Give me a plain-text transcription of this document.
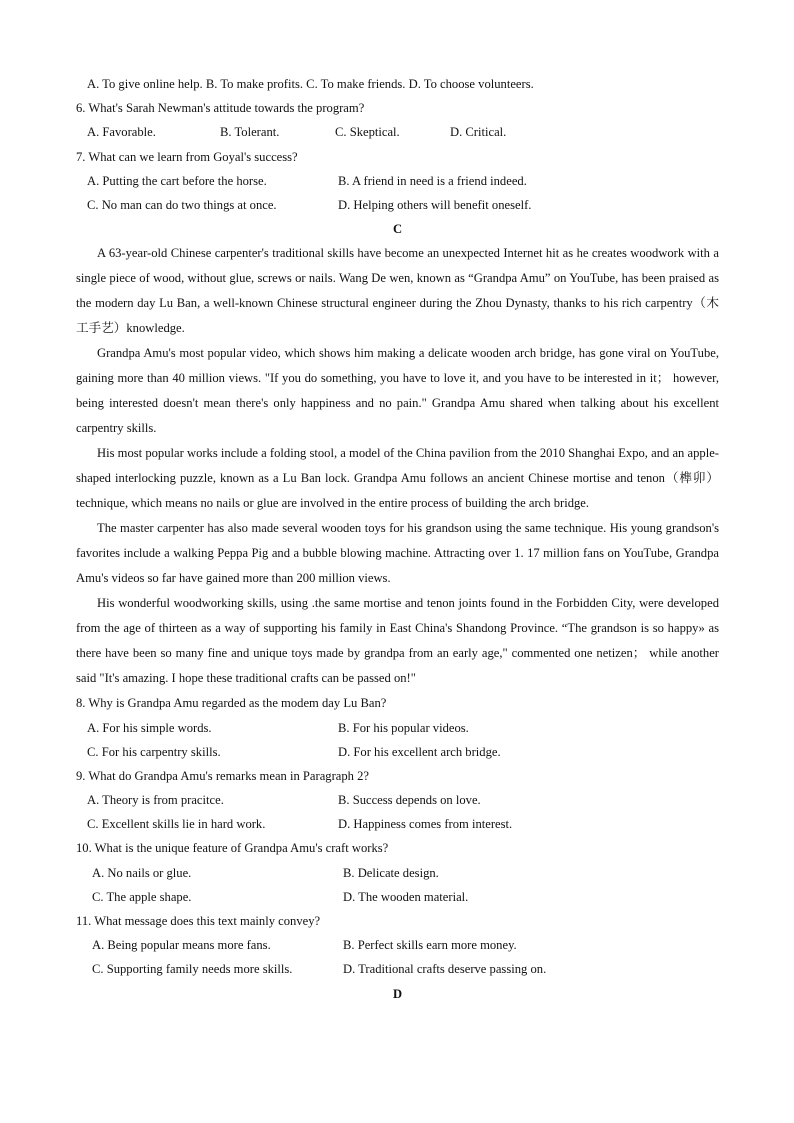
A. To give online help. B. To make profits. C. To make friends. D. To choose volunteers.
6. What's Sarah Newman's attitude towards the program?
A. Favorable.	B. Tolerant.	C. Skeptical.	D. Critical.
7. What can we learn from Goyal's success?
A. Putting the cart before the horse.	B. A friend in need is a friend indeed.
C. No man can do two things at once.	D. Helping others will benefit oneself.
C

A 63-year-old Chinese carpenter's traditional skills have become an unexpected Internet hit as he creates woodwork with a single piece of wood, without glue, screws or nails. Wang De wen, known as “Grandpa Amu” on YouTube, has been praised as the modern day Lu Ban, a well-known Chinese structural engineer during the Zhou Dynasty, thanks to his rich carpentry（木工手艺）knowledge.

Grandpa Amu's most popular video, which shows him making a delicate wooden arch bridge, has gone viral on YouTube, gaining more than 40 million views. "If you do something, you have to love it, and you have to be interested in it； however, being interested doesn't mean there's only happiness and no pain." Grandpa Amu shared when talking about his excellent carpentry skills.

His most popular works include a folding stool, a model of the China pavilion from the 2010 Shanghai Expo, and an apple-shaped interlocking puzzle, known as a Lu Ban lock. Grandpa Amu follows an ancient Chinese mortise and tenon（榫卯）technique, which means no nails or glue are involved in the entire process of building the arch bridge.

The master carpenter has also made several wooden toys for his grandson using the same technique. His young grandson's favorites include a walking Peppa Pig and a bubble blowing machine. Attracting over 1. 17 million fans on YouTube, Grandpa Amu's videos so far have gained more than 200 million views.

His wonderful woodworking skills, using .the same mortise and tenon joints found in the Forbidden City, were developed from the age of thirteen as a way of supporting his family in East China's Shandong Province. “The grandson is so happy» as there have been so many fine and unique toys made by grandpa from an early age," commented one netizen； while another said "It's amazing. I hope these traditional crafts can be passed on!"

8. Why is Grandpa Amu regarded as the modem day Lu Ban?
A. For his simple words.	B. For his popular videos.
C. For his carpentry skills.	D. For his excellent arch bridge.
9. What do Grandpa Amu's remarks mean in Paragraph 2?
A. Theory is from pracitce.	B. Success depends on love.
C. Excellent skills lie in hard work.	D. Happiness comes from interest.
10. What is the unique feature of Grandpa Amu's craft works?
A. No nails or glue.	B. Delicate design.
C. The apple shape.	D. The wooden material.
11. What message does this text mainly convey?
A. Being popular means more fans.	B. Perfect skills earn more money.
C. Supporting family needs more skills.	D. Traditional crafts deserve passing on.
D
